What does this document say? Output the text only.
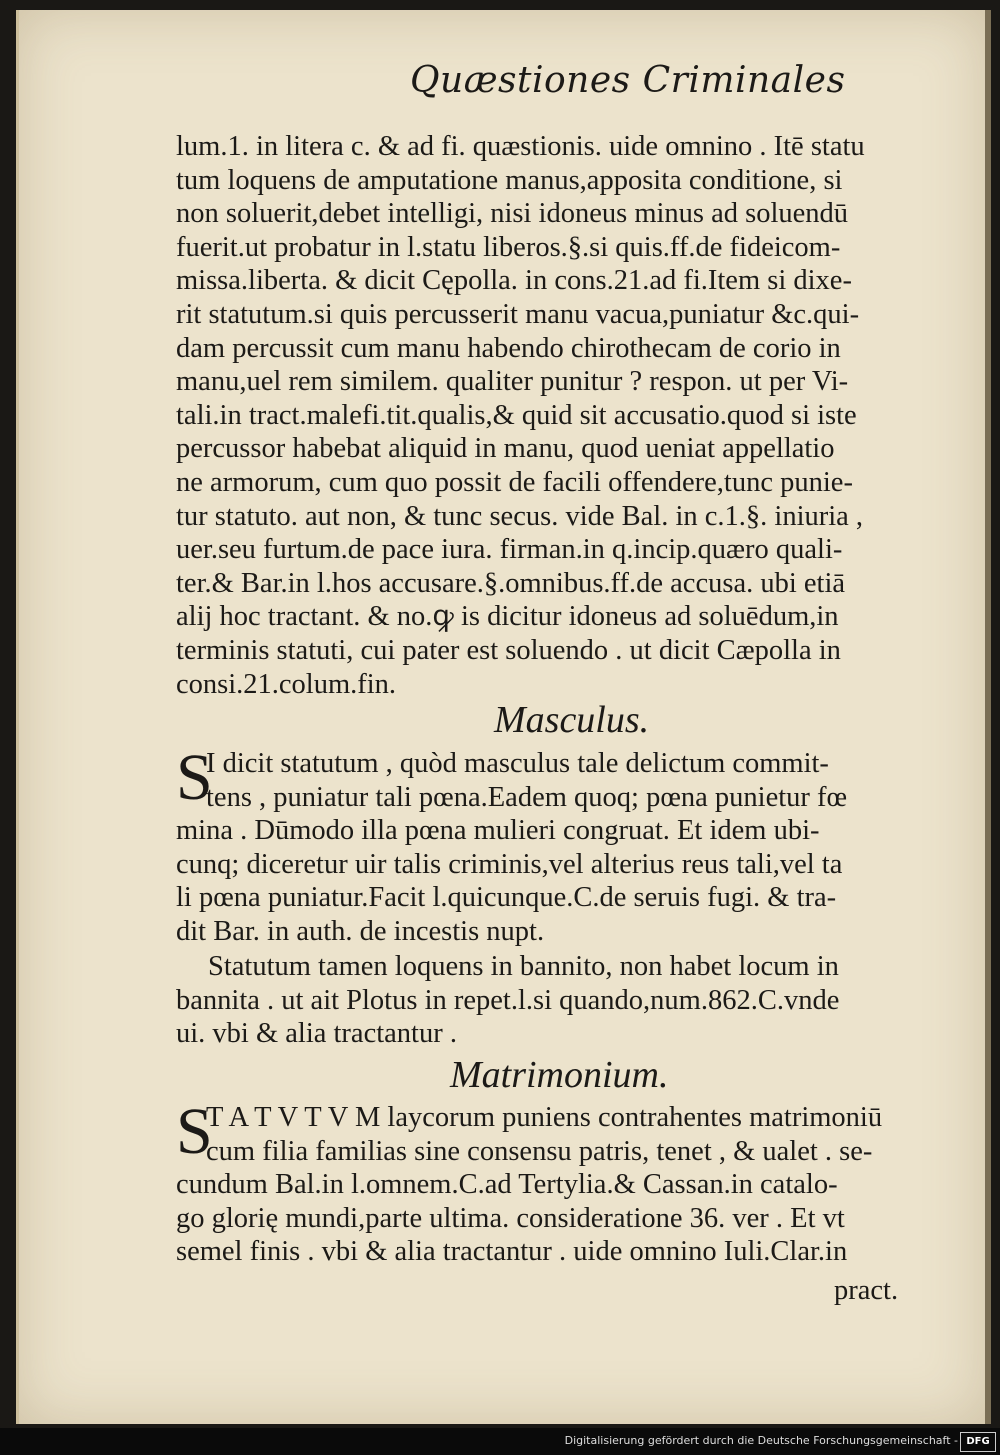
Quæstiones Criminales
lum.1. in litera c. & ad fi. quæstionis. uide omnino . Itē statu
tum loquens de amputatione manus,apposita conditione, si
non soluerit,debet intelligi, nisi idoneus minus ad soluendū
fuerit.ut probatur in l.statu liberos.§.si quis.ff.de fideicom-
missa.liberta. & dicit Cępolla. in cons.21.ad fi.Item si dixe-
rit statutum.si quis percusserit manu vacua,puniatur &c.qui-
dam percussit cum manu habendo chirothecam de corio in
manu,uel rem similem. qualiter punitur ? respon. ut per Vi-
tali.in tract.malefi.tit.qualis,& quid sit accusatio.quod si iste
percussor habebat aliquid in manu, quod ueniat appellatio
ne armorum, cum quo possit de facili offendere,tunc punie-
tur statuto. aut non, & tunc secus. vide Bal. in c.1.§. iniuria ,
uer.seu furtum.de pace iura. firman.in q.incip.quæro quali-
ter.& Bar.in l.hos accusare.§.omnibus.ff.de accusa. ubi etiā
alij hoc tractant. & no.ꝙ is dicitur idoneus ad soluēdum,in
terminis statuti, cui pater est soluendo . ut dicit Cæpolla in
consi.21.colum.fin.
Masculus.
S
I dicit statutum , quòd masculus tale delictum commit-
tens , puniatur tali pœna.Eadem quoq; pœna punietur fœ
mina . Dūmodo illa pœna mulieri congruat. Et idem ubi-
cunq; diceretur uir talis criminis,vel alterius reus tali,vel ta
li pœna puniatur.Facit l.quicunque.C.de seruis fugi. & tra-
dit Bar. in auth. de incestis nupt.
Statutum tamen loquens in bannito, non habet locum in
bannita . ut ait Plotus in repet.l.si quando,num.862.C.vnde
ui. vbi & alia tractantur .
Matrimonium.
S
T A T V T V M laycorum puniens contrahentes matrimoniū
cum filia familias sine consensu patris, tenet , & ualet . se-
cundum Bal.in l.omnem.C.ad Tertylia.& Cassan.in catalo-
go glorię mundi,parte ultima. consideratione 36. ver . Et vt
semel finis . vbi & alia tractantur . uide omnino Iuli.Clar.in
pract.
Digitalisierung gefördert durch die Deutsche Forschungsgemeinschaft - DFG
